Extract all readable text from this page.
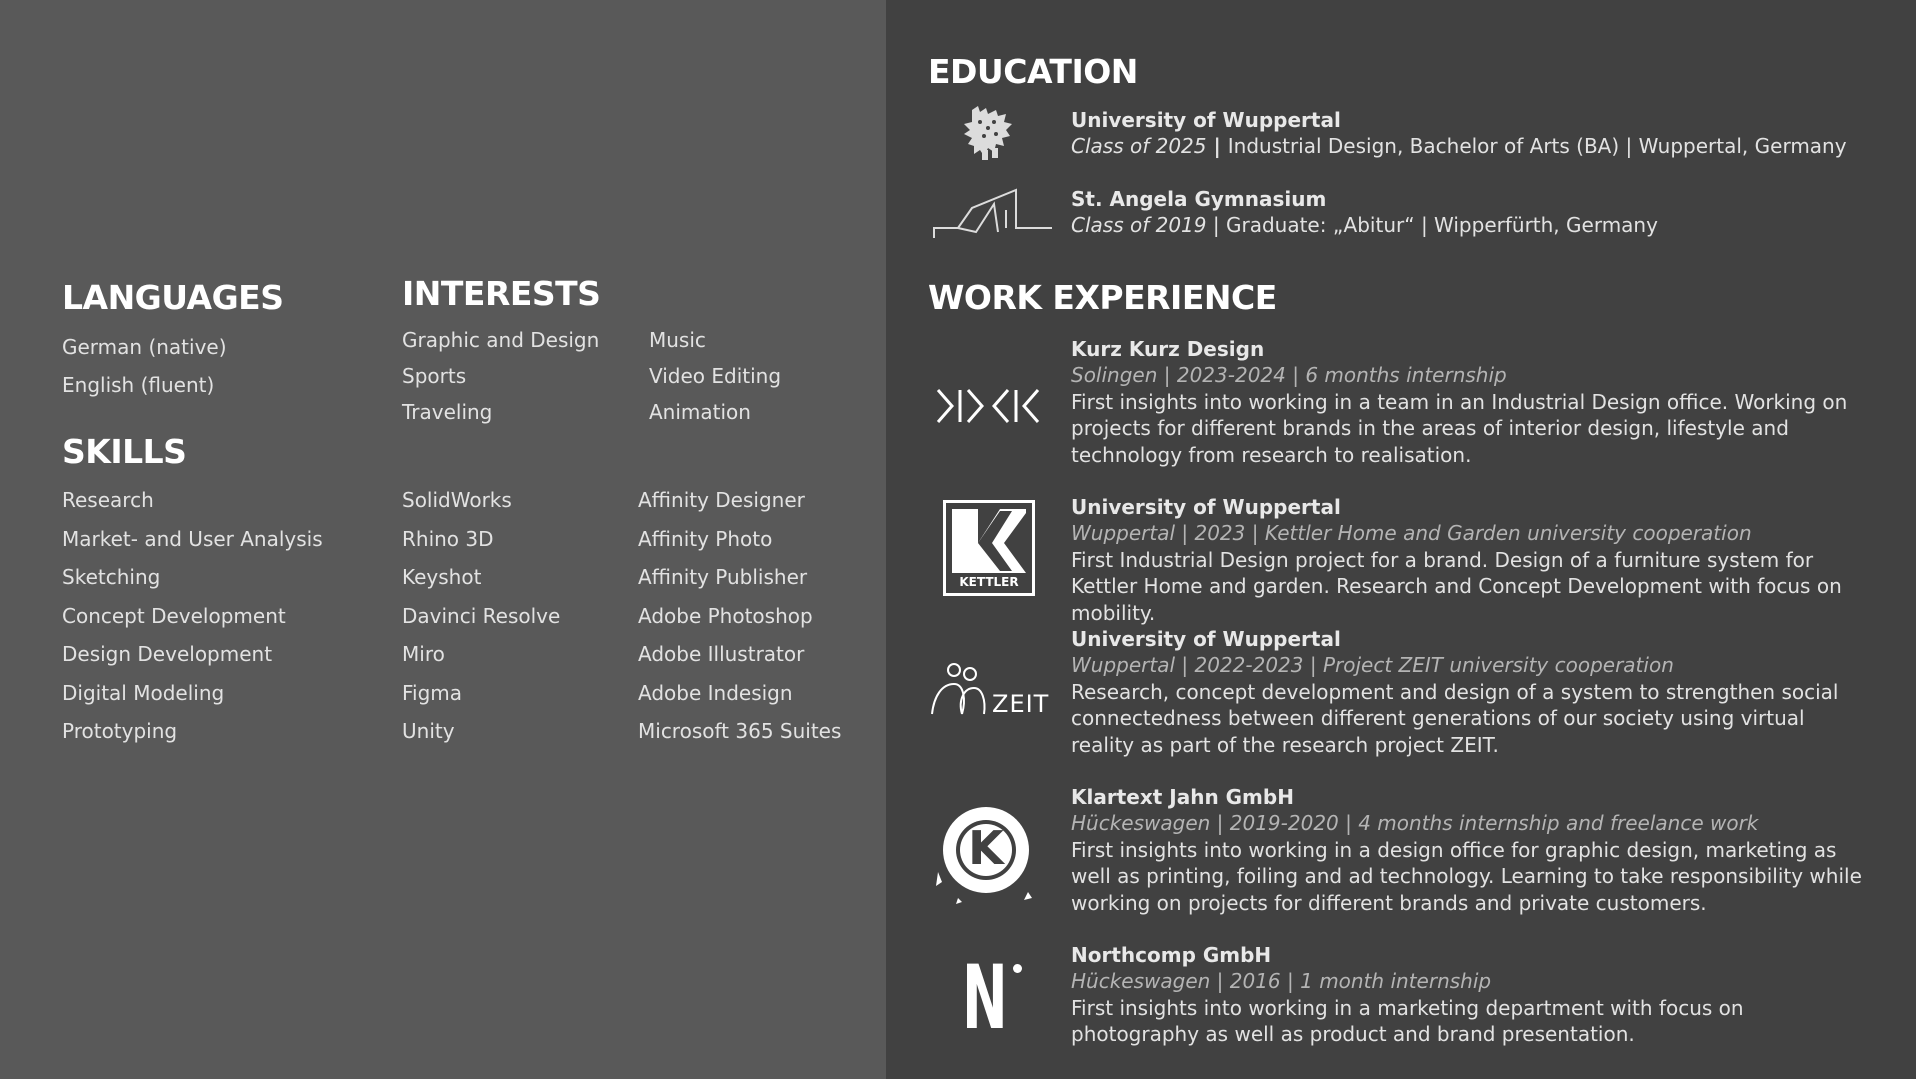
LANGUAGES
German (native)
English (fluent)
INTERESTS
Graphic and Design
Sports
Traveling
Music
Video Editing
Animation
SKILLS
Research
Market- and User Analysis
Sketching
Concept Development
Design Development
Digital Modeling
Prototyping
SolidWorks
Rhino 3D
Keyshot
Davinci Resolve
Miro
Figma
Unity
Affinity Designer
Affinity Photo
Affinity Publisher
Adobe Photoshop
Adobe Illustrator
Adobe Indesign
Microsoft 365 Suites
EDUCATION
University of Wuppertal
Class of 2025 | Industrial Design, Bachelor of Arts (BA) | Wuppertal, Germany
St. Angela Gymnasium
Class of 2019 | Graduate: „Abitur“ | Wipperfürth, Germany
WORK EXPERIENCE
Kurz Kurz Design
Solingen | 2023-2024 | 6 months internship
First insights into working in a team in an Industrial Design office. Working on projects for different brands in the areas of interior design, lifestyle and technology from research to realisation.
KETTLER
University of Wuppertal
Wuppertal | 2023 | Kettler Home and Garden university cooperation
First Industrial Design project for a brand. Design of a furniture system for Kettler Home and garden. Research and Concept Development with focus on mobility.
ZEIT
University of Wuppertal
Wuppertal | 2022-2023 | Project ZEIT university cooperation
Research, concept development and design of a system to strengthen social connectedness between different generations of our society using virtual reality as part of the research project ZEIT.
K
Klartext Jahn GmbH
Hückeswagen | 2019-2020 | 4 months internship and freelance work
First insights into working in a design office for graphic design, marketing as well as printing, foiling and ad technology. Learning to take responsibility while working on projects for different brands and private customers.
N	Northcomp GmbH
Hückeswagen | 2016 | 1 month internship
First insights into working in a marketing department with focus on photography as well as product and brand presentation.
